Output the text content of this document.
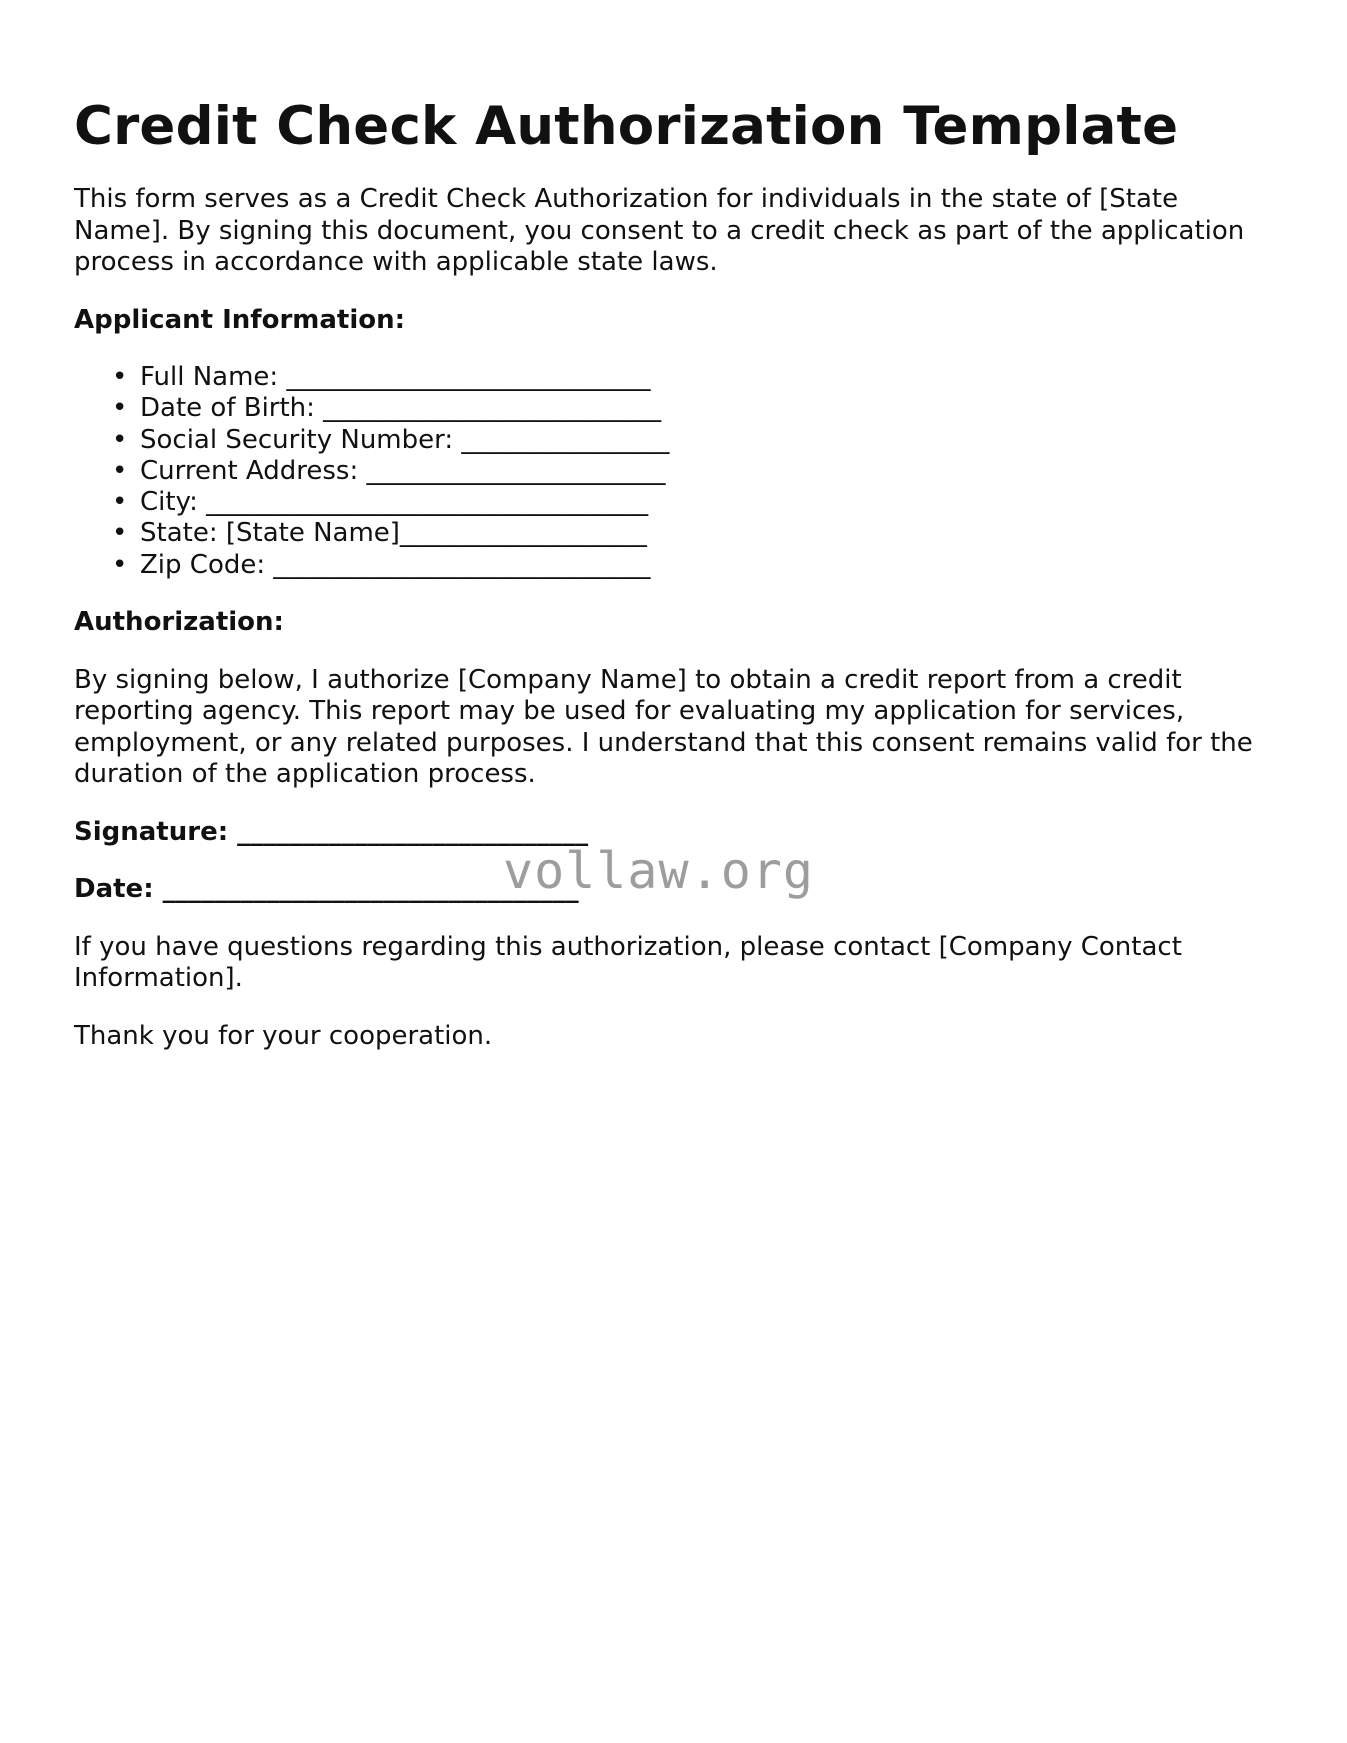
Credit Check Authorization Template

This form serves as a Credit Check Authorization for individuals in the state of [State Name]. By signing this document, you consent to a credit check as part of the application process in accordance with applicable state laws.

Applicant Information:
• Full Name: ____________________________
• Date of Birth: __________________________
• Social Security Number: ________________
• Current Address: _______________________
• City: __________________________________
• State: [State Name]___________________
• Zip Code: _____________________________
Authorization:

By signing below, I authorize [Company Name] to obtain a credit report from a credit reporting agency. This report may be used for evaluating my application for services, employment, or any related purposes. I understand that this consent remains valid for the duration of the application process.

Signature: ___________________________
Date: ________________________________

If you have questions regarding this authorization, please contact [Company Contact Information].

Thank you for your cooperation.

vollaw.org
